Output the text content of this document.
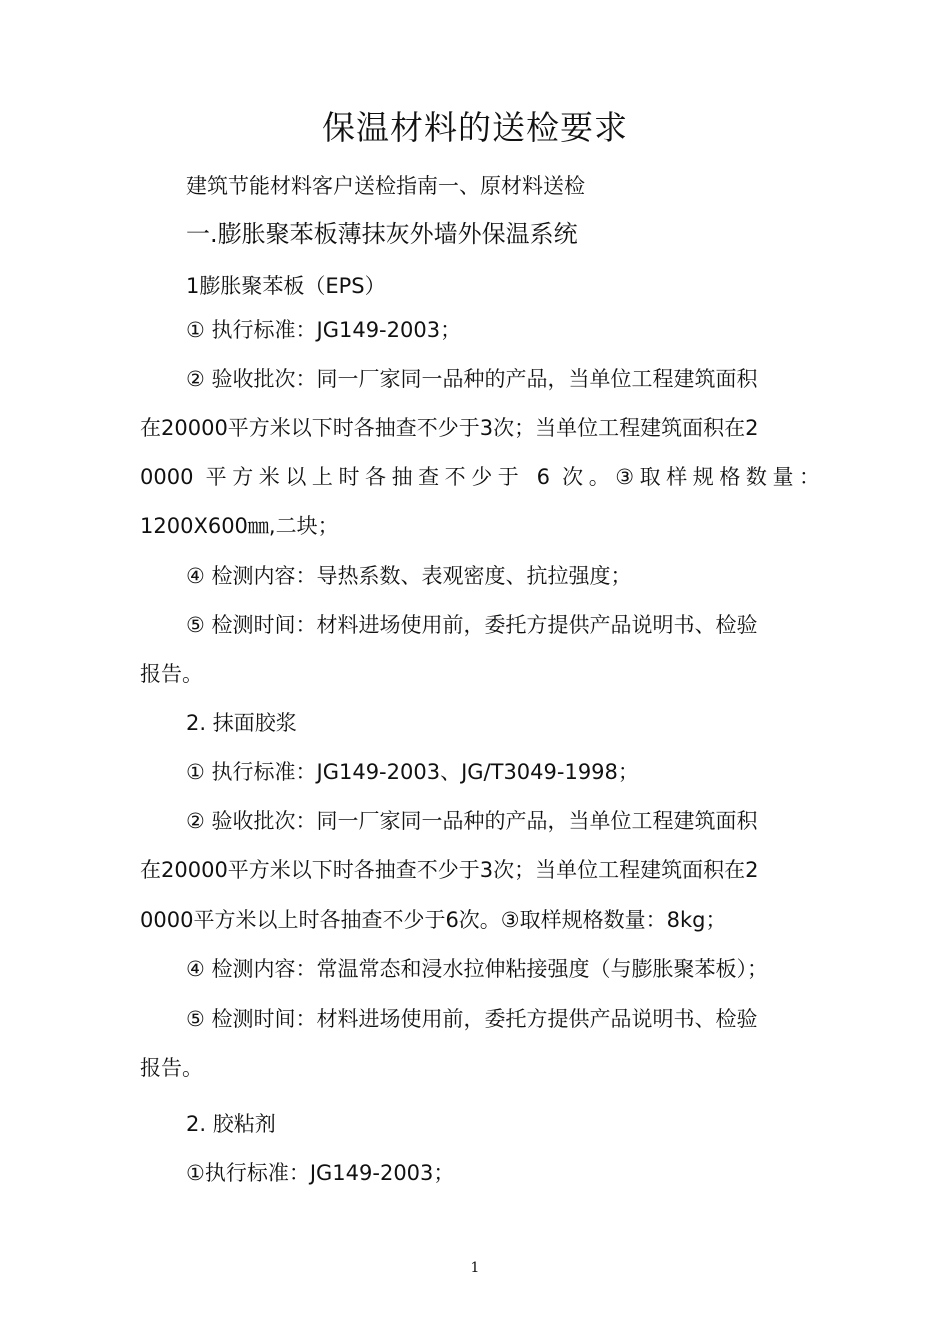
保温材料的送检要求
建筑节能材料客户送检指南一、原材料送检
一.膨胀聚苯板薄抹灰外墙外保温系统
1膨胀聚苯板（EPS）
① 执行标准：JG149-2003；
② 验收批次：同一厂家同一品种的产品，当单位工程建筑面积
在20000平方米以下时各抽查不少于3次；当单位工程建筑面积在2
0000 平方米以上时各抽查不少于 6 次。③取样规格数量：
1200X600㎜,二块；
④ 检测内容：导热系数、表观密度、抗拉强度；
⑤ 检测时间：材料进场使用前，委托方提供产品说明书、检验
报告。
2. 抹面胶浆
① 执行标准：JG149-2003、JG/T3049-1998；
② 验收批次：同一厂家同一品种的产品，当单位工程建筑面积
在20000平方米以下时各抽查不少于3次；当单位工程建筑面积在2
0000平方米以上时各抽查不少于6次。③取样规格数量：8kg；
④ 检测内容：常温常态和浸水拉伸粘接强度（与膨胀聚苯板）；
⑤ 检测时间：材料进场使用前，委托方提供产品说明书、检验
报告。
2. 胶粘剂
①执行标准：JG149-2003；
1
